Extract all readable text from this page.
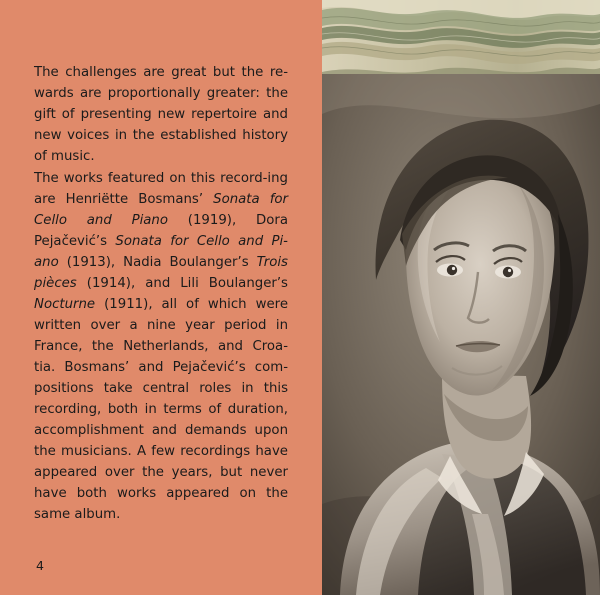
The challenges are great but the re-wards are proportionally greater: the gift of presenting new repertoire and new voices in the established history of music.

The works featured on this record-ing are Henriëtte Bosmans’ Sonata for Cello and Piano (1919), Dora Pejačević’s Sonata for Cello and Pi-ano (1913), Nadia Boulanger’s Trois pièces (1914), and Lili Boulanger’s Nocturne (1911), all of which were written over a nine year period in France, the Netherlands, and Croa-tia. Bosmans’ and Pejačević’s com-positions take central roles in this recording, both in terms of duration, accomplishment and demands upon the musicians. A few recordings have appeared over the years, but never have both works appeared on the same album.

4
